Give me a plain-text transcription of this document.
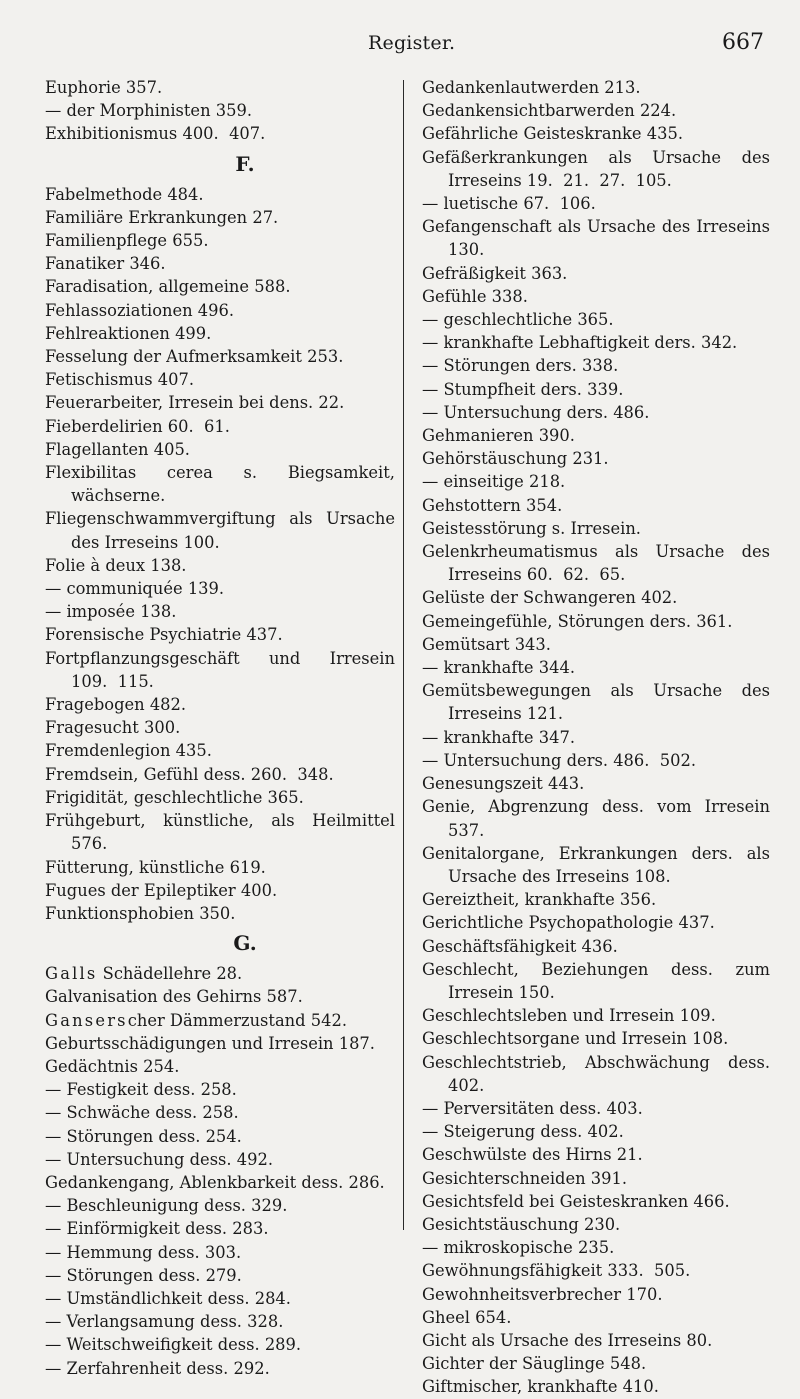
Register.	667
Euphorie 357.
— der Morphinisten 359.
Exhibitionismus 400.  407.
F.
Fabelmethode 484.
Familiäre Erkrankungen 27.
Familienpflege 655.
Fanatiker 346.
Faradisation, allgemeine 588.
Fehlassoziationen 496.
Fehlreaktionen 499.
Fesselung der Aufmerksamkeit 253.
Fetischismus 407.
Feuerarbeiter, Irresein bei dens. 22.
Fieberdelirien 60.  61.
Flagellanten 405.
Flexibilitas cerea s. Biegsamkeit, wächserne.
Fliegenschwammvergiftung als Ursache des Irreseins 100.
Folie à deux 138.
— communiquée 139.
— imposée 138.
Forensische Psychiatrie 437.
Fortpflanzungsgeschäft und Irresein 109.  115.
Fragebogen 482.
Fragesucht 300.
Fremdenlegion 435.
Fremdsein, Gefühl dess. 260.  348.
Frigidität, geschlechtliche 365.
Frühgeburt, künstliche, als Heilmittel 576.
Fütterung, künstliche 619.
Fugues der Epileptiker 400.
Funktionsphobien 350.
G.
Galls Schädellehre 28.
Galvanisation des Gehirns 587.
Ganserscher Dämmerzustand 542.
Geburtsschädigungen und Irresein 187.
Gedächtnis 254.
— Festigkeit dess. 258.
— Schwäche dess. 258.
— Störungen dess. 254.
— Untersuchung dess. 492.
Gedankengang, Ablenkbarkeit dess. 286.
— Beschleunigung dess. 329.
— Einförmigkeit dess. 283.
— Hemmung dess. 303.
— Störungen dess. 279.
— Umständlichkeit dess. 284.
— Verlangsamung dess. 328.
— Weitschweifigkeit dess. 289.
— Zerfahrenheit dess. 292.
Gedankenlautwerden 213.
Gedankensichtbarwerden 224.
Gefährliche Geisteskranke 435.
Gefäßerkrankungen als Ursache des Irreseins 19.  21.  27.  105.
— luetische 67.  106.
Gefangenschaft als Ursache des Irreseins 130.
Gefräßigkeit 363.
Gefühle 338.
— geschlechtliche 365.
— krankhafte Lebhaftigkeit ders. 342.
— Störungen ders. 338.
— Stumpfheit ders. 339.
— Untersuchung ders. 486.
Gehmanieren 390.
Gehörstäuschung 231.
— einseitige 218.
Gehstottern 354.
Geistesstörung s. Irresein.
Gelenkrheumatismus als Ursache des Irreseins 60.  62.  65.
Gelüste der Schwangeren 402.
Gemeingefühle, Störungen ders. 361.
Gemütsart 343.
— krankhafte 344.
Gemütsbewegungen als Ursache des Irreseins 121.
— krankhafte 347.
— Untersuchung ders. 486.  502.
Genesungszeit 443.
Genie, Abgrenzung dess. vom Irresein 537.
Genitalorgane, Erkrankungen ders. als Ursache des Irreseins 108.
Gereiztheit, krankhafte 356.
Gerichtliche Psychopathologie 437.
Geschäftsfähigkeit 436.
Geschlecht, Beziehungen dess. zum Irresein 150.
Geschlechtsleben und Irresein 109.
Geschlechtsorgane und Irresein 108.
Geschlechtstrieb, Abschwächung dess. 402.
— Perversitäten dess. 403.
— Steigerung dess. 402.
Geschwülste des Hirns 21.
Gesichterschneiden 391.
Gesichtsfeld bei Geisteskranken 466.
Gesichtstäuschung 230.
— mikroskopische 235.
Gewöhnungsfähigkeit 333.  505.
Gewohnheitsverbrecher 170.
Gheel 654.
Gicht als Ursache des Irreseins 80.
Gichter der Säuglinge 548.
Giftmischer, krankhafte 410.
